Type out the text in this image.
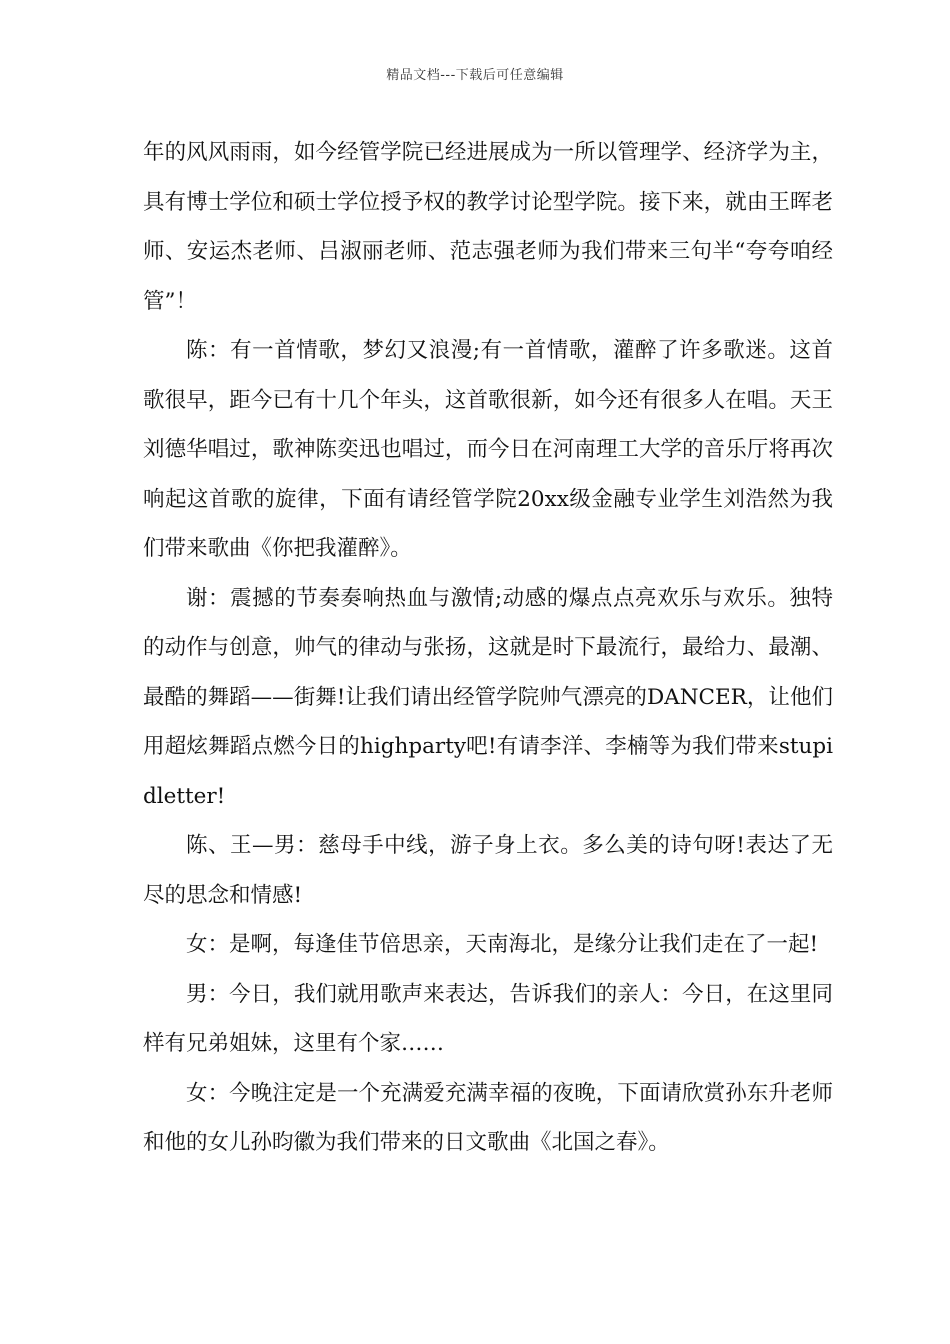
精品文档---下载后可任意编辑

年的风风雨雨，如今经管学院已经进展成为一所以管理学、经济学为主，具有博士学位和硕士学位授予权的教学讨论型学院。接下来，就由王晖老师、安运杰老师、吕淑丽老师、范志强老师为我们带来三句半“夸夸咱经管”！

陈：有一首情歌，梦幻又浪漫;有一首情歌，灌醉了许多歌迷。这首歌很早，距今已有十几个年头，这首歌很新，如今还有很多人在唱。天王刘德华唱过，歌神陈奕迅也唱过，而今日在河南理工大学的音乐厅将再次响起这首歌的旋律，下面有请经管学院20xx级金融专业学生刘浩然为我们带来歌曲《你把我灌醉》。

谢：震撼的节奏奏响热血与激情;动感的爆点点亮欢乐与欢乐。独特的动作与创意，帅气的律动与张扬，这就是时下最流行，最给力、最潮、最酷的舞蹈——街舞!让我们请出经管学院帅气漂亮的DANCER，让他们用超炫舞蹈点燃今日的highparty吧!有请李洋、李楠等为我们带来stupidletter!

陈、王—男：慈母手中线，游子身上衣。多么美的诗句呀!表达了无尽的思念和情感!

女：是啊，每逢佳节倍思亲，天南海北，是缘分让我们走在了一起!

男：今日，我们就用歌声来表达，告诉我们的亲人：今日，在这里同样有兄弟姐妹，这里有个家……

女：今晚注定是一个充满爱充满幸福的夜晚，下面请欣赏孙东升老师和他的女儿孙昀徽为我们带来的日文歌曲《北国之春》。
